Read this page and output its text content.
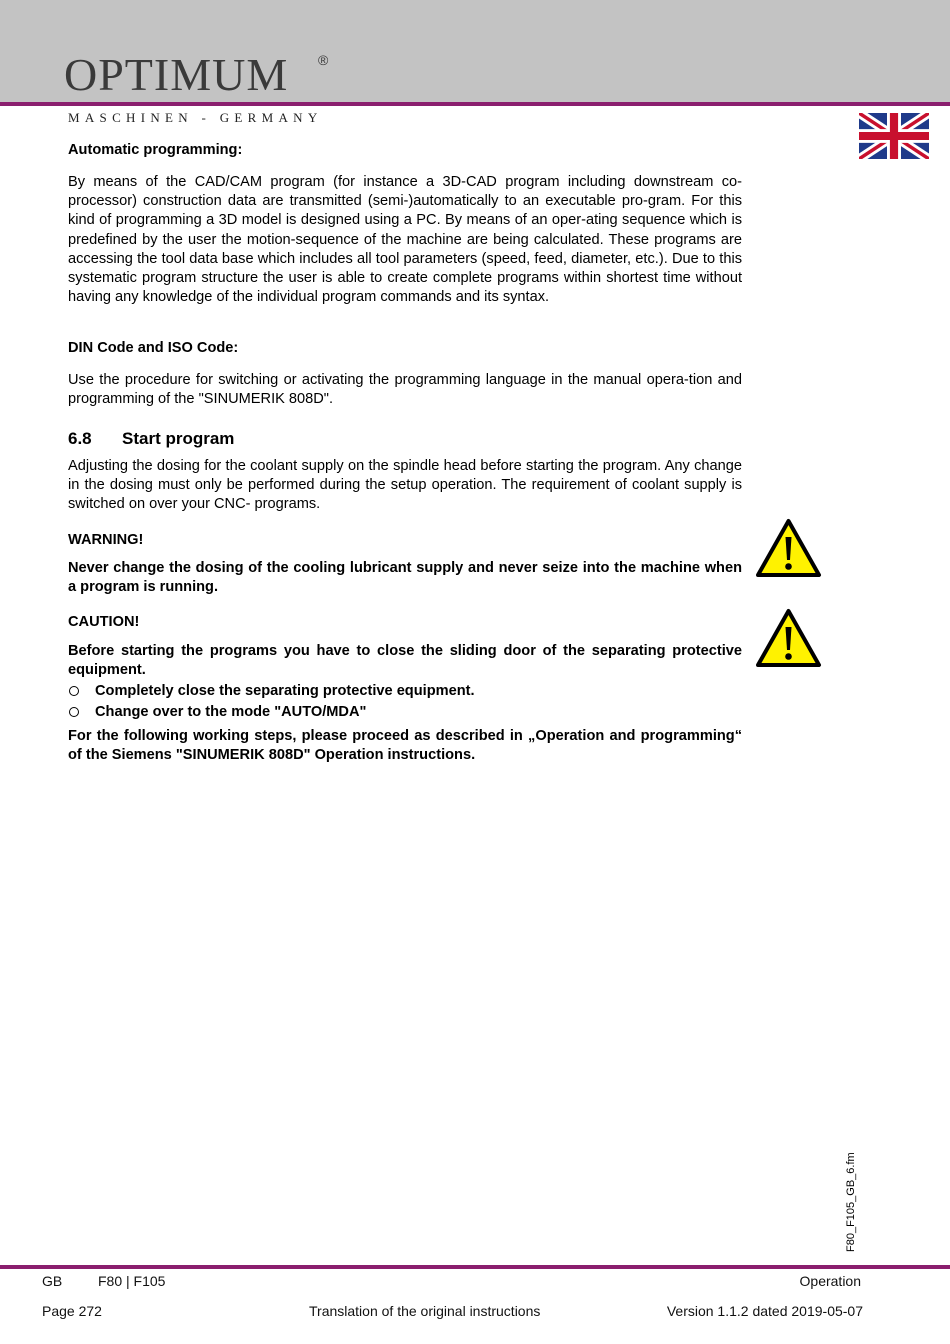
OPTIMUM ®
MASCHINEN - GERMANY
Automatic programming:
By means of the CAD/CAM program (for instance a 3D-CAD program including downstream co-processor) construction data are transmitted (semi-)automatically to an executable pro-gram. For this kind of programming a 3D model is designed using a PC. By means of an oper-ating sequence which is predefined by the user the motion-sequence of the machine are being calculated. These programs are accessing the tool data base which includes all tool parameters (speed, feed, diameter, etc.). Due to this systematic program structure the user is able to create complete programs within shortest time without having any knowledge of the individual program commands and its syntax.
DIN Code and ISO Code:
Use the procedure for switching or activating the programming language in the manual opera-tion and programming of the "SINUMERIK 808D".
6.8 Start program
Adjusting the dosing for the coolant supply on the spindle head before starting the program. Any change in the dosing must only be performed during the setup operation. The requirement of coolant supply is switched on over your CNC- programs.
WARNING!
Never change the dosing of the cooling lubricant supply and never seize into the machine when a program is running.
CAUTION!
Before starting the programs you have to close the sliding door of the separating protective equipment.
Completely close the separating protective equipment.
Change over to the mode "AUTO/MDA"
For the following working steps, please proceed as described in „Operation and programming“ of the Siemens "SINUMERIK 808D" Operation instructions.
F80_F105_GB_6.fm
GB	F80 | F105	Operation
Page 272	Translation of the original instructions	Version 1.1.2 dated 2019-05-07
